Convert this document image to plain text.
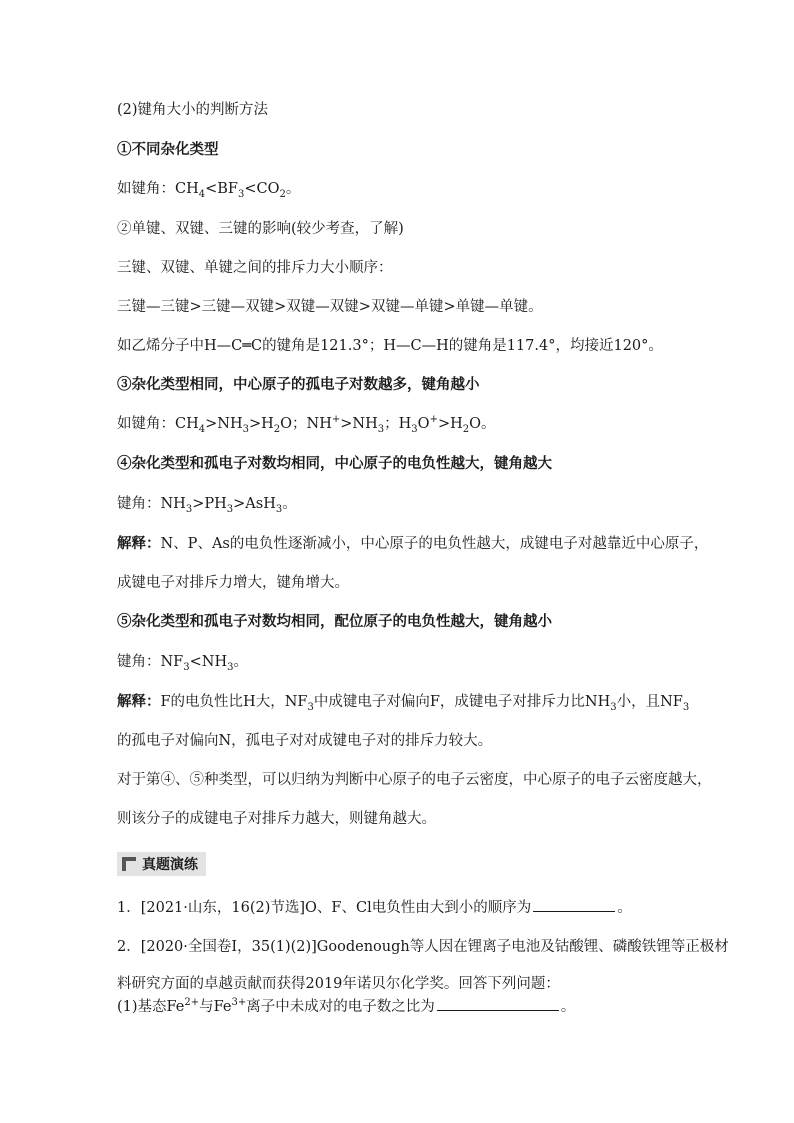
(2)键角大小的判断方法
①不同杂化类型
如键角：$CH_4<BF_3<CO_2$。
②单键、双键、三键的影响(较少考查，了解)
三键、双键、单键之间的排斥力大小顺序：
三键—三键>三键—双键>双键—双键>双键—单键>单键—单键。
如乙烯分子中H—C═C的键角是121.3°；H—C—H的键角是117.4°，均接近120°。
③杂化类型相同，中心原子的孤电子对数越多，键角越小
如键角：$CH_4>NH_3>H_2O$；$NH^+>NH_3$；$H_3O^+>H_2O$。
④杂化类型和孤电子对数均相同，中心原子的电负性越大，键角越大
键角：$NH_3>PH_3>AsH_3$。
解释：N、P、As的电负性逐渐减小，中心原子的电负性越大，成键电子对越靠近中心原子，
成键电子对排斥力增大，键角增大。
⑤杂化类型和孤电子对数均相同，配位原子的电负性越大，键角越小
键角：$NF_3<NH_3$。
解释：F的电负性比H大，$NF_3$中成键电子对偏向F，成键电子对排斥力比$NH_3$小，且$NF_3$
的孤电子对偏向N，孤电子对对成键电子对的排斥力较大。
对于第④、⑤种类型，可以归纳为判断中心原子的电子云密度，中心原子的电子云密度越大，
则该分子的成键电子对排斥力越大，则键角越大。
真题演练
1．[2021·山东，16(2)节选]O、F、Cl电负性由大到小的顺序为	。
2．[2020·全国卷Ⅰ，35(1)(2)]Goodenough等人因在锂离子电池及钴酸锂、磷酸铁锂等正极材
料研究方面的卓越贡献而获得2019年诺贝尔化学奖。回答下列问题：
(1)基态$Fe^{2+}$与$Fe^{3+}$离子中未成对的电子数之比为	。
